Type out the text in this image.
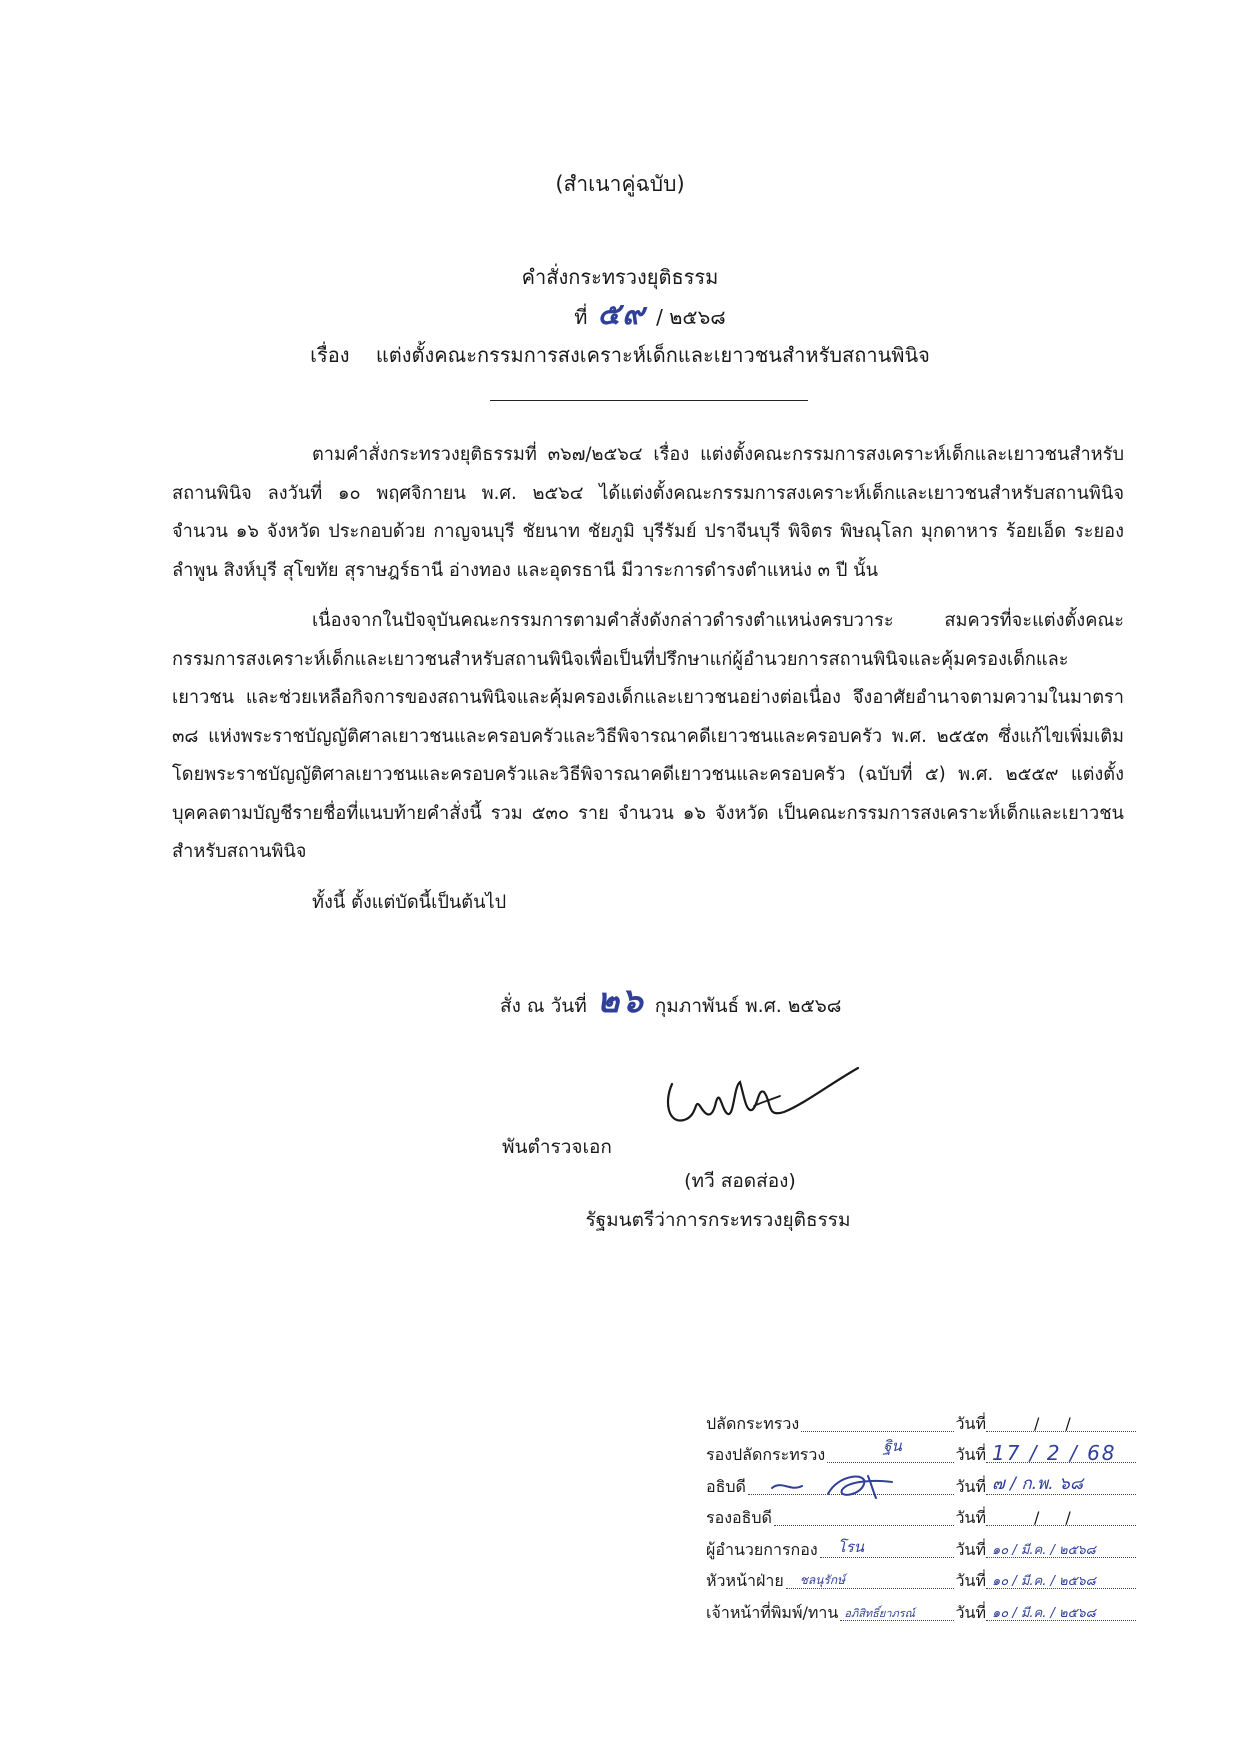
(สำเนาคู่ฉบับ)
คำสั่งกระทรวงยุติธรรม
ที่ ๕๙ / ๒๕๖๘
เรื่อง แต่งตั้งคณะกรรมการสงเคราะห์เด็กและเยาวชนสำหรับสถานพินิจ

ตามคำสั่งกระทรวงยุติธรรมที่ ๓๖๗/๒๕๖๔ เรื่อง แต่งตั้งคณะกรรมการสงเคราะห์เด็กและเยาวชนสำหรับสถานพินิจ ลงวันที่ ๑๐ พฤศจิกายน พ.ศ. ๒๕๖๔ ได้แต่งตั้งคณะกรรมการสงเคราะห์เด็กและเยาวชนสำหรับสถานพินิจ จำนวน ๑๖ จังหวัด ประกอบด้วย กาญจนบุรี ชัยนาท ชัยภูมิ บุรีรัมย์ ปราจีนบุรี พิจิตร พิษณุโลก มุกดาหาร ร้อยเอ็ด ระยอง ลำพูน สิงห์บุรี สุโขทัย สุราษฎร์ธานี อ่างทอง และอุดรธานี มีวาระการดำรงตำแหน่ง ๓ ปี นั้น

เนื่องจากในปัจจุบันคณะกรรมการตามคำสั่งดังกล่าวดำรงตำแหน่งครบวาระ สมควรที่จะแต่งตั้งคณะกรรมการสงเคราะห์เด็กและเยาวชนสำหรับสถานพินิจเพื่อเป็นที่ปรึกษาแก่ผู้อำนวยการสถานพินิจและคุ้มครองเด็กและเยาวชน และช่วยเหลือกิจการของสถานพินิจและคุ้มครองเด็กและเยาวชนอย่างต่อเนื่อง จึงอาศัยอำนาจตามความในมาตรา ๓๘ แห่งพระราชบัญญัติศาลเยาวชนและครอบครัวและวิธีพิจารณาคดีเยาวชนและครอบครัว พ.ศ. ๒๕๕๓ ซึ่งแก้ไขเพิ่มเติม โดยพระราชบัญญัติศาลเยาวชนและครอบครัวและวิธีพิจารณาคดีเยาวชนและครอบครัว (ฉบับที่ ๕) พ.ศ. ๒๕๕๙ แต่งตั้งบุคคลตามบัญชีรายชื่อที่แนบท้ายคำสั่งนี้ รวม ๕๓๐ ราย จำนวน ๑๖ จังหวัด เป็นคณะกรรมการสงเคราะห์เด็กและเยาวชนสำหรับสถานพินิจ

ทั้งนี้ ตั้งแต่บัดนี้เป็นต้นไป

สั่ง ณ วันที่ ๒๖ กุมภาพันธ์ พ.ศ. ๒๕๖๘
พันตำรวจเอก
(ทวี สอดส่อง)
รัฐมนตรีว่าการกระทรวงยุติธรรม
ปลัดกระทรวง	วันที่	//
รองปลัดกระทรวง	ฐิน	วันที่ 17 / 2 / 68
อธิบดี	วันที่ ๗ / ก.พ. ๖๘
รองอธิบดี	วันที่	//
ผู้อำนวยการกอง โรน	วันที่ ๑๐ / มี.ค. / ๒๕๖๘
หัวหน้าฝ่าย ชลนุรักษ์	วันที่ ๑๐ / มี.ค. / ๒๕๖๘
เจ้าหน้าที่พิมพ์/ทาน อภิสิทธิ์ยาภรณ์	วันที่ ๑๐ / มี.ค. / ๒๕๖๘
